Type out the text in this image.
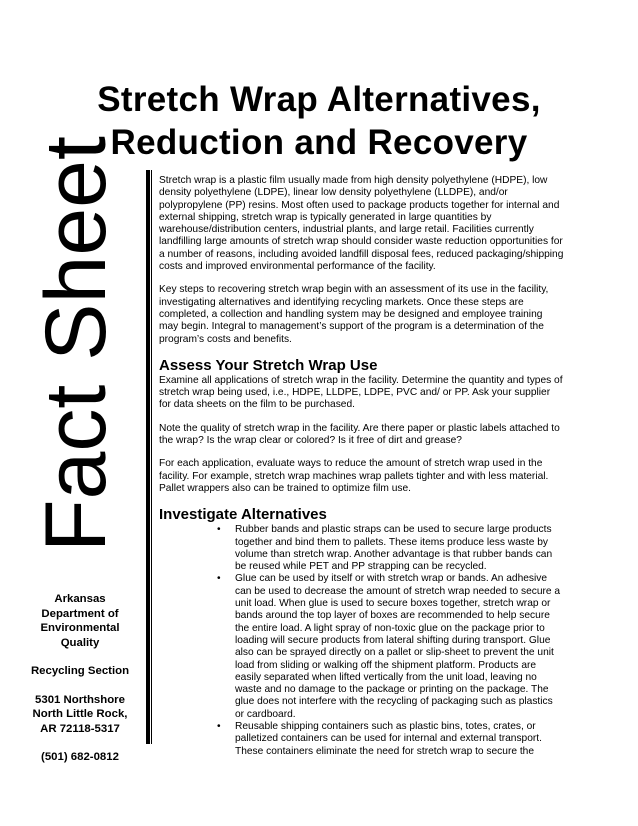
Stretch Wrap Alternatives,
Reduction and Recovery
Fact Sheet

Arkansas

Department of

Environmental

Quality

Recycling Section

5301 Northshore

North Little Rock,

AR 72118-5317

(501) 682-0812

Stretch wrap is a plastic film usually made from high density polyethylene (HDPE), low density polyethylene (LDPE), linear low density polyethylene (LLDPE), and/or polypropylene (PP) resins. Most often used to package products together for internal and external shipping, stretch wrap is typically generated in large quantities by warehouse/distribution centers, industrial plants, and large retail. Facilities currently landfilling large amounts of stretch wrap should consider waste reduction opportunities for a number of reasons, including avoided landfill disposal fees, reduced packaging/shipping costs and improved environmental performance of the facility.

Key steps to recovering stretch wrap begin with an assessment of its use in the facility, investigating alternatives and identifying recycling markets. Once these steps are completed, a collection and handling system may be designed and employee training may begin. Integral to management’s support of the program is a determination of the program’s costs and benefits.

Assess Your Stretch Wrap Use

Examine all applications of stretch wrap in the facility. Determine the quantity and types of stretch wrap being used, i.e., HDPE, LLDPE, LDPE, PVC and/ or PP. Ask your supplier for data sheets on the film to be purchased.

Note the quality of stretch wrap in the facility. Are there paper or plastic labels attached to the wrap? Is the wrap clear or colored? Is it free of dirt and grease?

For each application, evaluate ways to reduce the amount of stretch wrap used in the facility. For example, stretch wrap machines wrap pallets tighter and with less material. Pallet wrappers also can be trained to optimize film use.

Investigate Alternatives
• Rubber bands and plastic straps can be used to secure large products together and bind them to pallets. These items produce less waste by volume than stretch wrap. Another advantage is that rubber bands can be reused while PET and PP strapping can be recycled.
• Glue can be used by itself or with stretch wrap or bands. An adhesive can be used to decrease the amount of stretch wrap needed to secure a unit load. When glue is used to secure boxes together, stretch wrap or bands around the top layer of boxes are recommended to help secure the entire load. A light spray of non-toxic glue on the package prior to loading will secure products from lateral shifting during transport. Glue also can be sprayed directly on a pallet or slip-sheet to prevent the unit load from sliding or walking off the shipment platform. Products are easily separated when lifted vertically from the unit load, leaving no waste and no damage to the package or printing on the package. The glue does not interfere with the recycling of packaging such as plastics or cardboard.
• Reusable shipping containers such as plastic bins, totes, crates, or palletized containers can be used for internal and external transport. These containers eliminate the need for stretch wrap to secure the
